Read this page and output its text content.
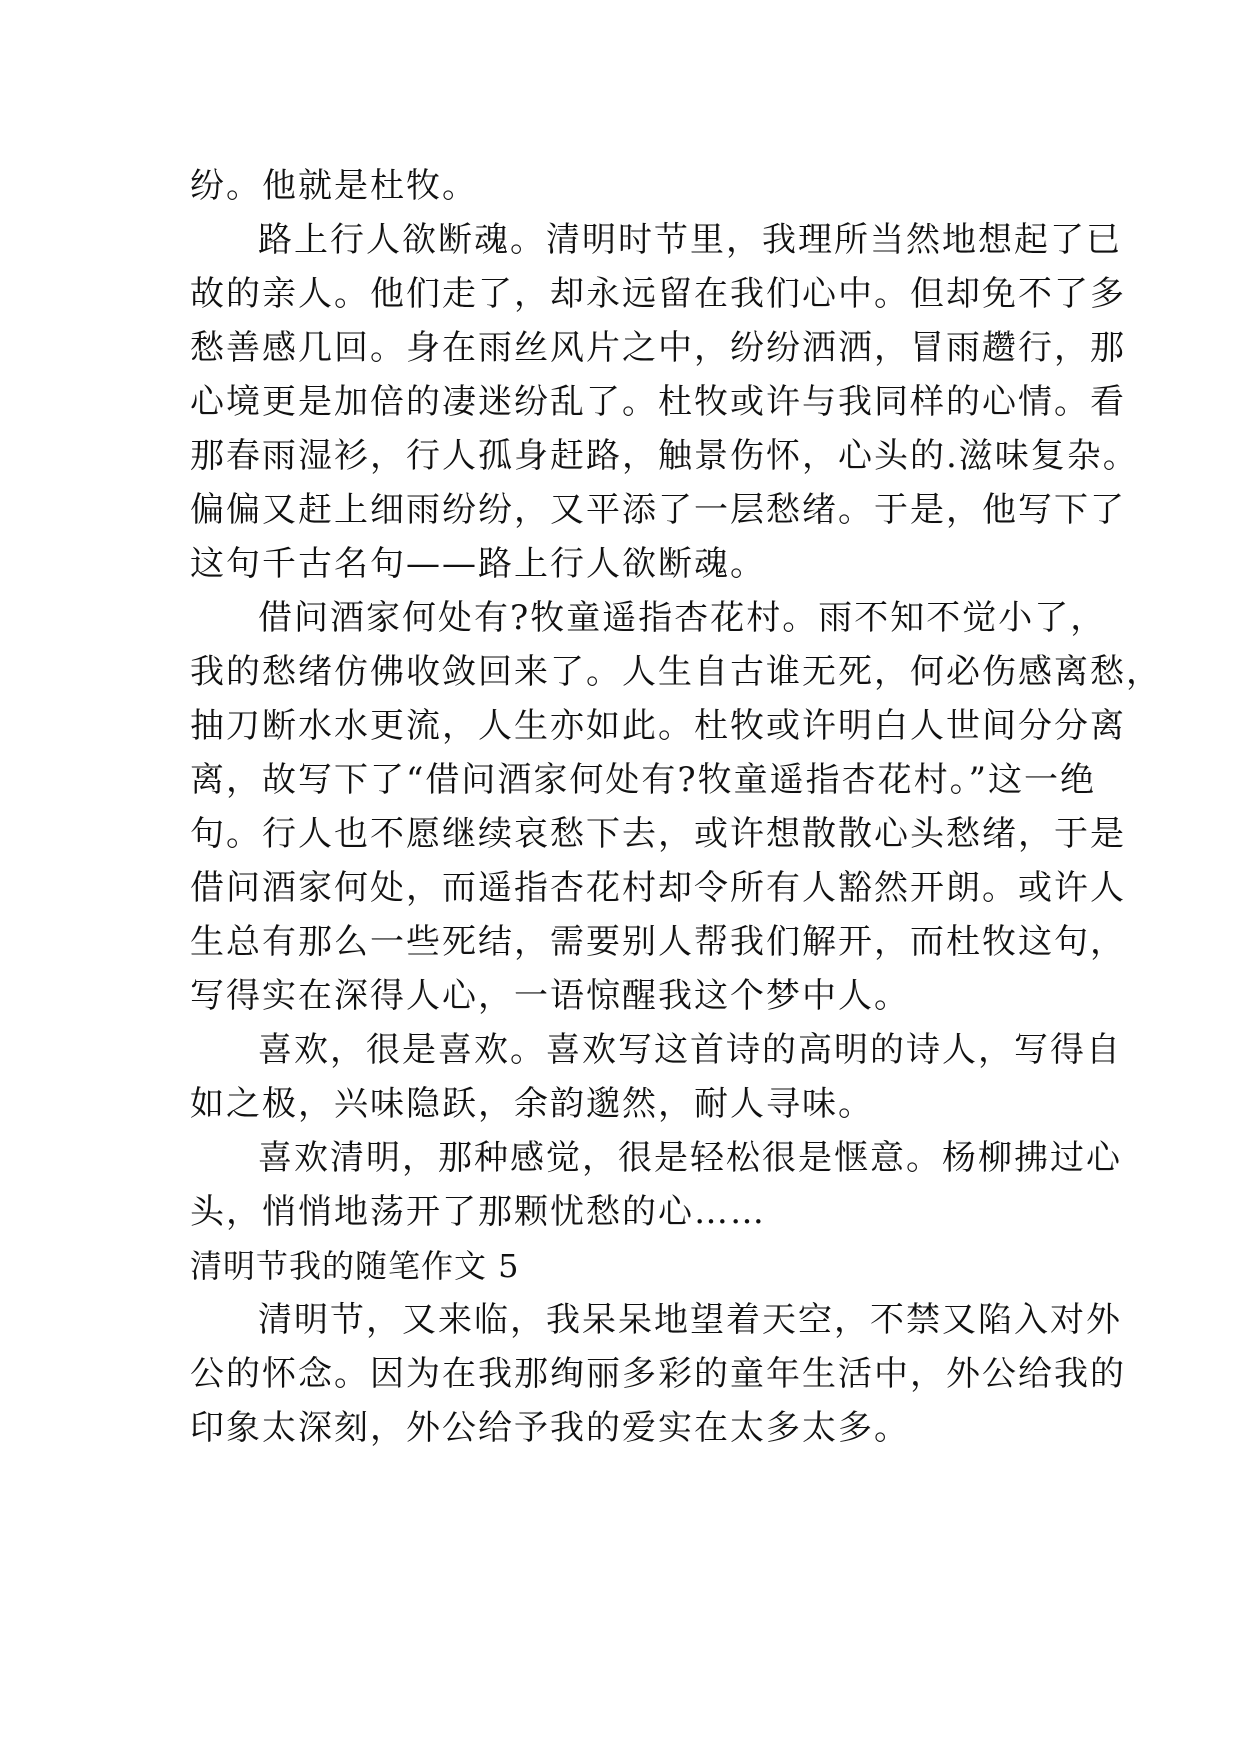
纷。他就是杜牧。
路上行人欲断魂。清明时节里，我理所当然地想起了已
故的亲人。他们走了，却永远留在我们心中。但却免不了多
愁善感几回。身在雨丝风片之中，纷纷洒洒，冒雨趱行，那
心境更是加倍的凄迷纷乱了。杜牧或许与我同样的心情。看
那春雨湿衫，行人孤身赶路，触景伤怀，心头的.滋味复杂。
偏偏又赶上细雨纷纷，又平添了一层愁绪。于是，他写下了
这句千古名句——路上行人欲断魂。
借问酒家何处有?牧童遥指杏花村。雨不知不觉小了，
我的愁绪仿佛收敛回来了。人生自古谁无死，何必伤感离愁，
抽刀断水水更流，人生亦如此。杜牧或许明白人世间分分离
离，故写下了“借问酒家何处有?牧童遥指杏花村。”这一绝
句。行人也不愿继续哀愁下去，或许想散散心头愁绪，于是
借问酒家何处，而遥指杏花村却令所有人豁然开朗。或许人
生总有那么一些死结，需要别人帮我们解开，而杜牧这句，
写得实在深得人心，一语惊醒我这个梦中人。
喜欢，很是喜欢。喜欢写这首诗的高明的诗人，写得自
如之极，兴味隐跃，余韵邈然，耐人寻味。
喜欢清明，那种感觉，很是轻松很是惬意。杨柳拂过心
头，悄悄地荡开了那颗忧愁的心……
清明节我的随笔作文 5
清明节，又来临，我呆呆地望着天空，不禁又陷入对外
公的怀念。因为在我那绚丽多彩的童年生活中，外公给我的
印象太深刻，外公给予我的爱实在太多太多。
